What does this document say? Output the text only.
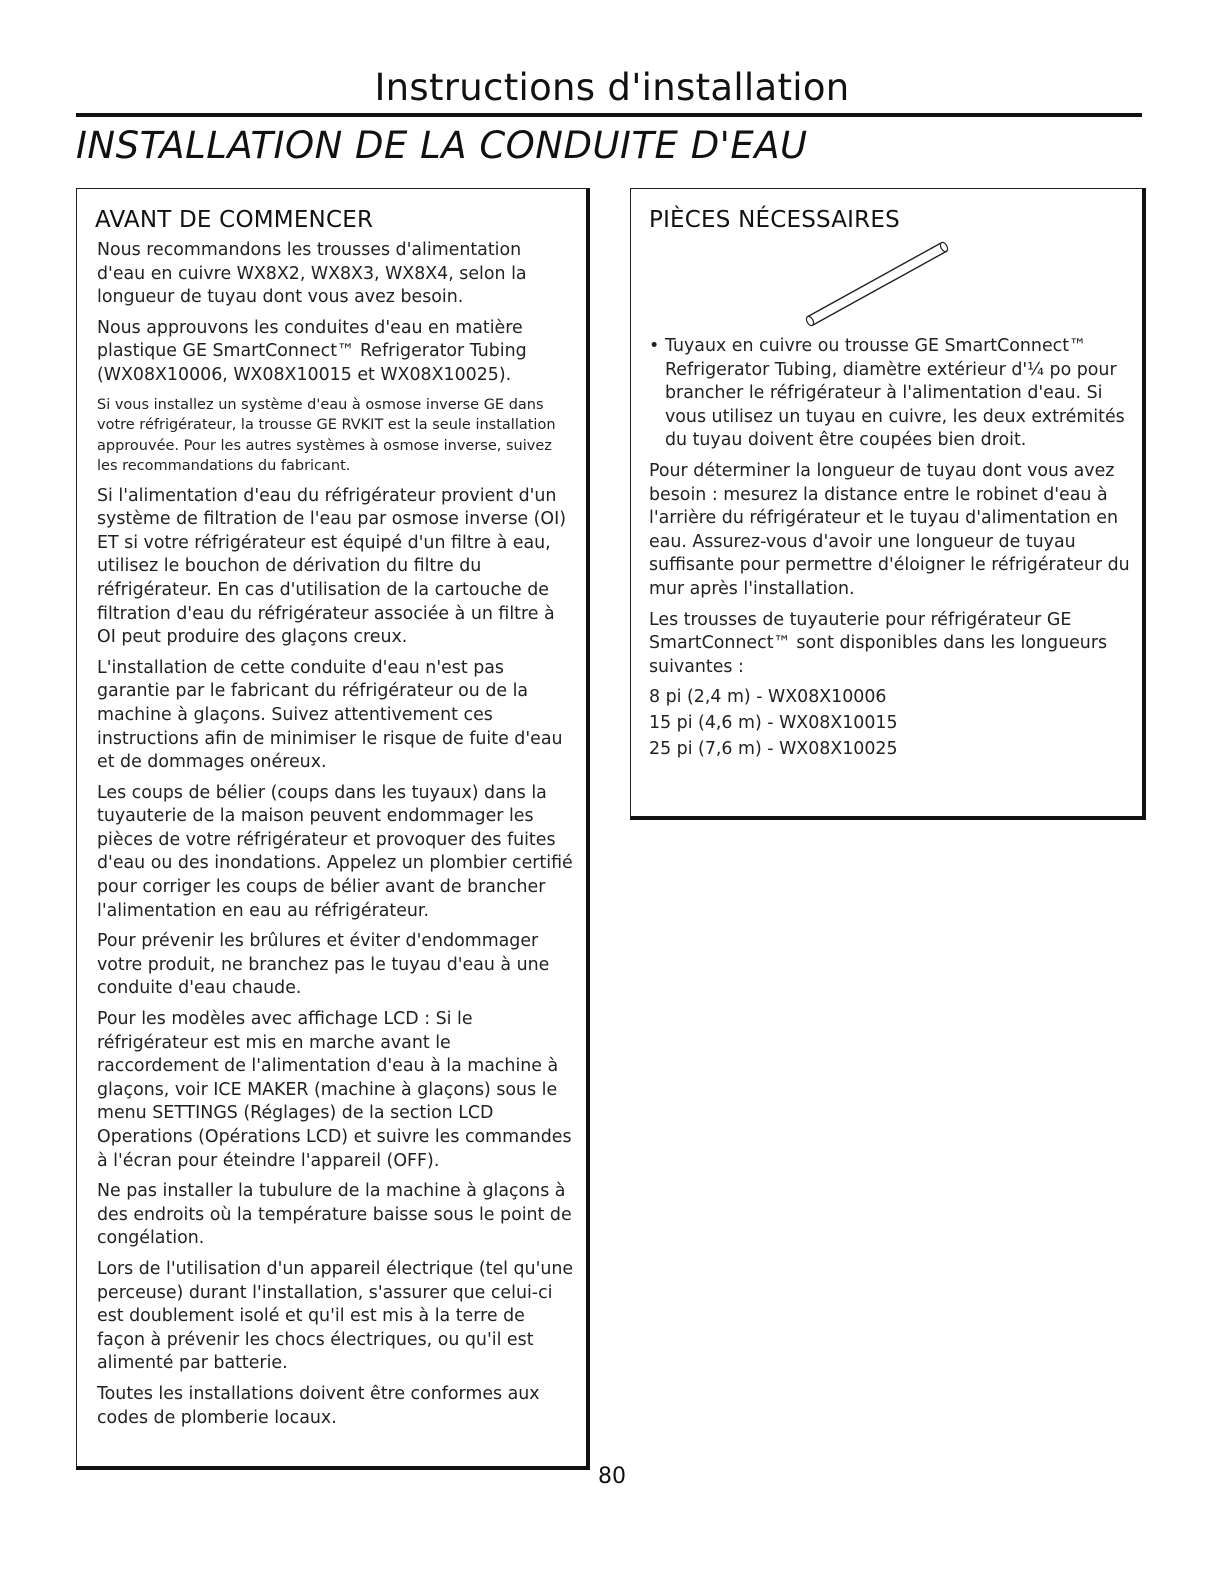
Instructions d'installation
INSTALLATION DE LA CONDUITE D'EAU
AVANT DE COMMENCER

Nous recommandons les trousses d'alimentation d'eau en cuivre WX8X2, WX8X3, WX8X4, selon la longueur de tuyau dont vous avez besoin.

Nous approuvons les conduites d'eau en matière plastique GE SmartConnect™ Refrigerator Tubing (WX08X10006, WX08X10015 et WX08X10025).

Si vous installez un système d'eau à osmose inverse GE dans votre réfrigérateur, la trousse GE RVKIT est la seule installation approuvée. Pour les autres systèmes à osmose inverse, suivez les recommandations du fabricant.

Si l'alimentation d'eau du réfrigérateur provient d'un système de filtration de l'eau par osmose inverse (OI) ET si votre réfrigérateur est équipé d'un filtre à eau, utilisez le bouchon de dérivation du filtre du réfrigérateur. En cas d'utilisation de la cartouche de filtration d'eau du réfrigérateur associée à un filtre à OI peut produire des glaçons creux.

L'installation de cette conduite d'eau n'est pas garantie par le fabricant du réfrigérateur ou de la machine à glaçons. Suivez attentivement ces instructions afin de minimiser le risque de fuite d'eau et de dommages onéreux.

Les coups de bélier (coups dans les tuyaux) dans la tuyauterie de la maison peuvent endommager les pièces de votre réfrigérateur et provoquer des fuites d'eau ou des inondations. Appelez un plombier certifié pour corriger les coups de bélier avant de brancher l'alimentation en eau au réfrigérateur.

Pour prévenir les brûlures et éviter d'endommager votre produit, ne branchez pas le tuyau d'eau à une conduite d'eau chaude.

Pour les modèles avec affichage LCD : Si le réfrigérateur est mis en marche avant le raccordement de l'alimentation d'eau à la machine à glaçons, voir ICE MAKER (machine à glaçons) sous le menu SETTINGS (Réglages) de la section LCD Operations (Opérations LCD) et suivre les commandes à l'écran pour éteindre l'appareil (OFF).

Ne pas installer la tubulure de la machine à glaçons à des endroits où la température baisse sous le point de congélation.

Lors de l'utilisation d'un appareil électrique (tel qu'une perceuse) durant l'installation, s'assurer que celui-ci est doublement isolé et qu'il est mis à la terre de façon à prévenir les chocs électriques, ou qu'il est alimenté par batterie.

Toutes les installations doivent être conformes aux codes de plomberie locaux.

PIÈCES NÉCESSAIRES

• Tuyaux en cuivre ou trousse GE SmartConnect™ Refrigerator Tubing, diamètre extérieur d'¼ po pour brancher le réfrigérateur à l'alimentation d'eau. Si vous utilisez un tuyau en cuivre, les deux extrémités du tuyau doivent être coupées bien droit.

Pour déterminer la longueur de tuyau dont vous avez besoin : mesurez la distance entre le robinet d'eau à l'arrière du réfrigérateur et le tuyau d'alimentation en eau. Assurez-vous d'avoir une longueur de tuyau suffisante pour permettre d'éloigner le réfrigérateur du mur après l'installation.

Les trousses de tuyauterie pour réfrigérateur GE SmartConnect™ sont disponibles dans les longueurs suivantes :

8 pi (2,4 m) - WX08X10006

15 pi (4,6 m) - WX08X10015

25 pi (7,6 m) - WX08X10025

80
